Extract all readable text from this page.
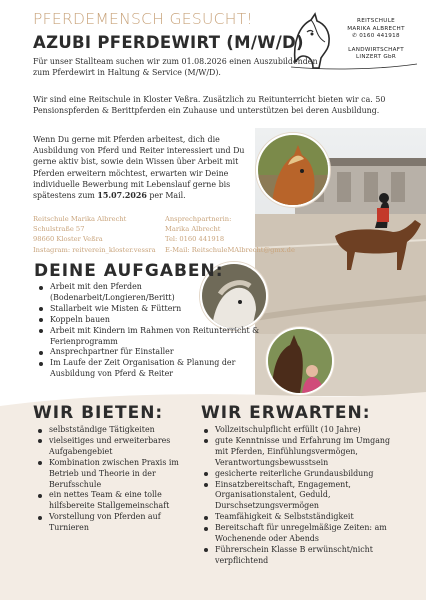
PFERDEMENSCH GESUCHT!
AZUBI PFERDEWIRT (M/W/D)
REITSCHULE
MARIKA ALBRECHT
✆ 0160 441918
LANDWIRTSCHAFT
LINZERT GbR
Für unser Stallteam suchen wir zum 01.08.2026 einen Auszubildenden zum Pferdewirt in Haltung & Service (M/W/D).
Wir sind eine Reitschule in Kloster Veßra. Zusätzlich zu Reitunterricht bieten wir ca. 50 Pensionspferden & Berittpferden ein Zuhause und unterstützen bei deren Ausbildung.
Wenn Du gerne mit Pferden arbeitest, dich die Ausbildung von Pferd und Reiter interessiert und Du gerne aktiv bist, sowie dein Wissen über Arbeit mit Pferden erweitern möchtest, erwarten wir Deine individuelle Bewerbung mit Lebenslauf gerne bis spätestens zum 15.07.2026 per Mail.
Reitschule Marika Albrecht
Schulstraße 57
98660 Kloster Veßra
Instagram: reitverein_kloster.vessra
Ansprechpartnerin:
Marika Albrecht
Tel: 0160 441918
E-Mail: ReitschuleMAlbrecht@gmx.de
DEINE AUFGABEN:
Arbeit mit den Pferden (Bodenarbeit/Longieren/Beritt)
Stallarbeit wie Misten & Füttern
Koppeln bauen
Arbeit mit Kindern im Rahmen von Reitunterricht & Ferienprogramm
Ansprechpartner für Einstaller
Im Laufe der Zeit Organisation & Planung der Ausbildung von Pferd & Reiter
WIR BIETEN:
selbstständige Tätigkeiten
vielseitiges und erweiterbares Aufgabengebiet
Kombination zwischen Praxis im Betrieb und Theorie in der Berufsschule
ein nettes Team & eine tolle hilfsbereite Stallgemeinschaft
Vorstellung von Pferden auf Turnieren
WIR ERWARTEN:
Vollzeitschulpflicht erfüllt (10 Jahre)
gute Kenntnisse und Erfahrung im Umgang mit Pferden, Einfühlungsvermögen, Verantwortungsbewusstsein
gesicherte reiterliche Grundausbildung
Einsatzbereitschaft, Engagement, Organisationstalent, Geduld, Durschsetzungsvermögen
Teamfähigkeit & Selbstständigkeit
Bereitschaft für unregelmäßige Zeiten: am Wochenende oder Abends
Führerschein Klasse B erwünscht/nicht verpflichtend
